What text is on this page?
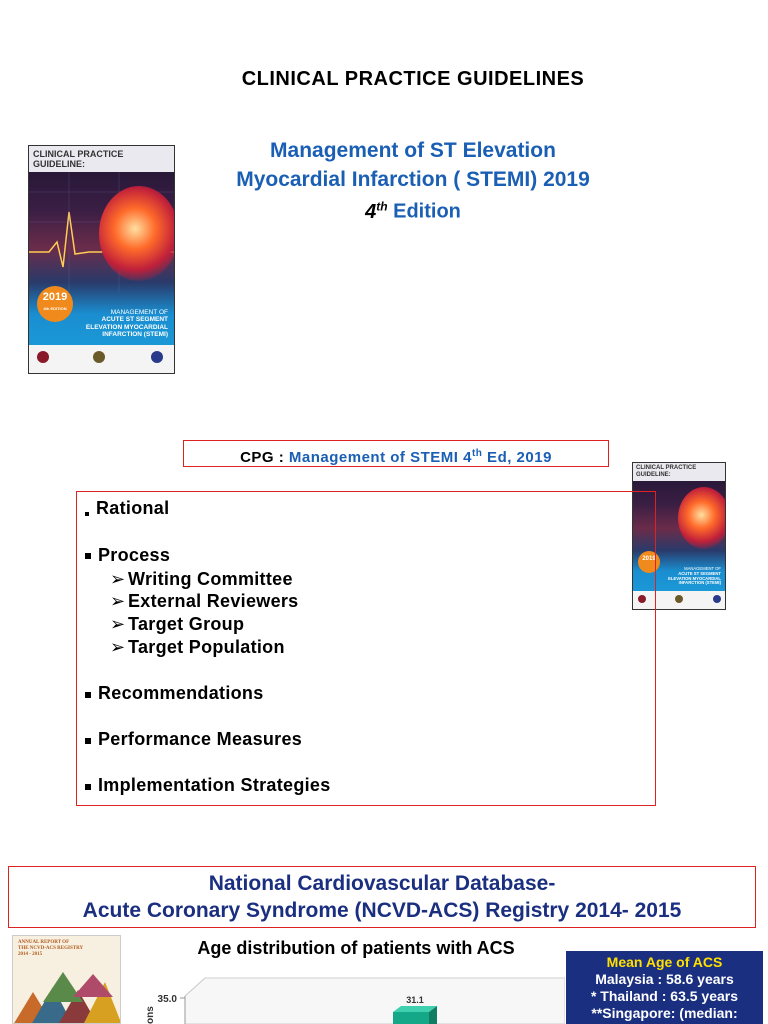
CLINICAL PRACTICE GUIDELINES
Management of ST Elevation
Myocardial Infarction ( STEMI) 2019
4th Edition
CLINICAL PRACTICE
GUIDELINE:
2019
4th EDITION
MANAGEMENT OF
ACUTE ST SEGMENT
ELEVATION MYOCARDIAL
INFARCTION (STEMI)
CPG : Management of STEMI 4th Ed, 2019
CLINICAL PRACTICE
GUIDELINE:
2019
MANAGEMENT OF
ACUTE ST SEGMENT
ELEVATION MYOCARDIAL
INFARCTION (STEMI)
Rational
Process
➢ Writing Committee
➢ External Reviewers
➢ Target Group
➢ Target Population
Recommendations
Performance Measures
Implementation Strategies
National Cardiovascular Database-
Acute Coronary Syndrome (NCVD-ACS) Registry 2014- 2015
ANNUAL REPORT OF
THE NCVD-ACS REGISTRY
2014 - 2015	Age distribution of patients with ACS
35.0
ons
31.1
Mean Age of ACS
Malaysia : 58.6 years
* Thailand : 63.5 years
**Singapore: (median:
